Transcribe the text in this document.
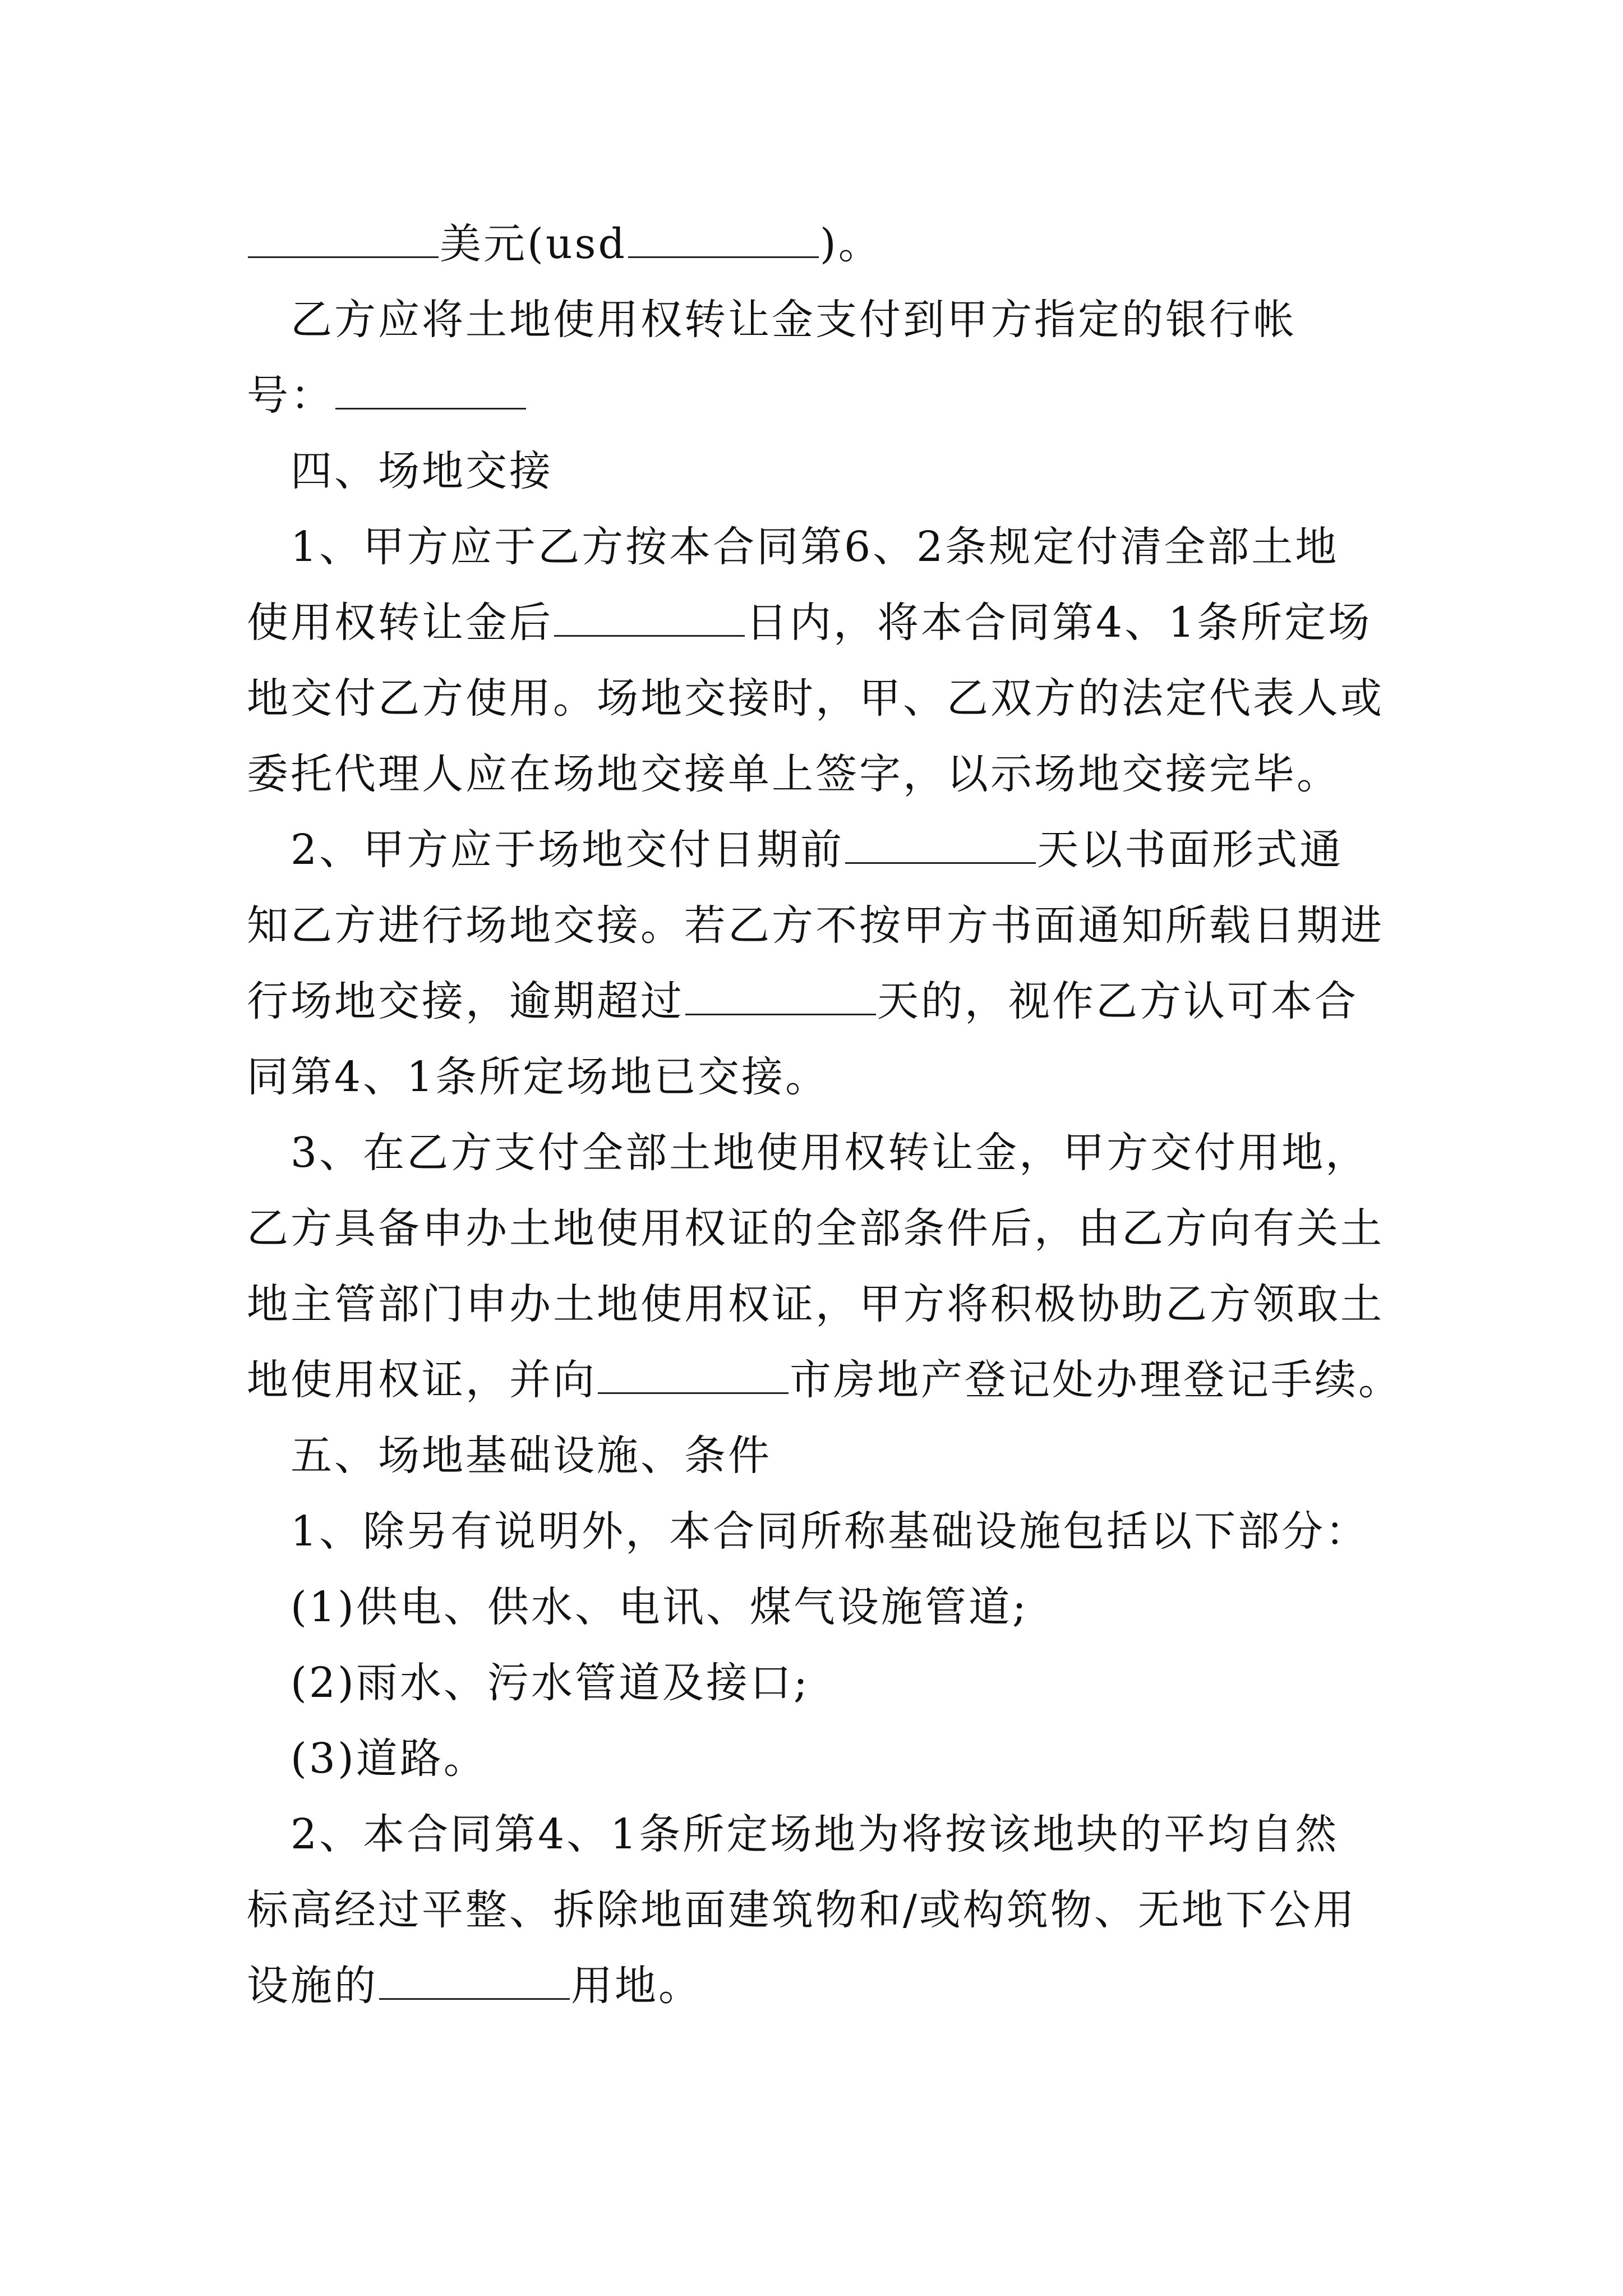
美元(usd	)。
　乙方应将土地使用权转让金支付到甲方指定的银行帐
号：
　四、场地交接
　1、甲方应于乙方按本合同第6、2条规定付清全部土地
使用权转让金后	日内，将本合同第4、1条所定场
地交付乙方使用。场地交接时，甲、乙双方的法定代表人或
委托代理人应在场地交接单上签字，以示场地交接完毕。
　2、甲方应于场地交付日期前	天以书面形式通
知乙方进行场地交接。若乙方不按甲方书面通知所载日期进
行场地交接，逾期超过	天的，视作乙方认可本合
同第4、1条所定场地已交接。
　3、在乙方支付全部土地使用权转让金，甲方交付用地，
乙方具备申办土地使用权证的全部条件后，由乙方向有关土
地主管部门申办土地使用权证，甲方将积极协助乙方领取土
地使用权证，并向	市房地产登记处办理登记手续。
　五、场地基础设施、条件
　1、除另有说明外，本合同所称基础设施包括以下部分：
　(1)供电、供水、电讯、煤气设施管道;
　(2)雨水、污水管道及接口;
　(3)道路。
　2、本合同第4、1条所定场地为将按该地块的平均自然
标高经过平整、拆除地面建筑物和/或构筑物、无地下公用
设施的	用地。
